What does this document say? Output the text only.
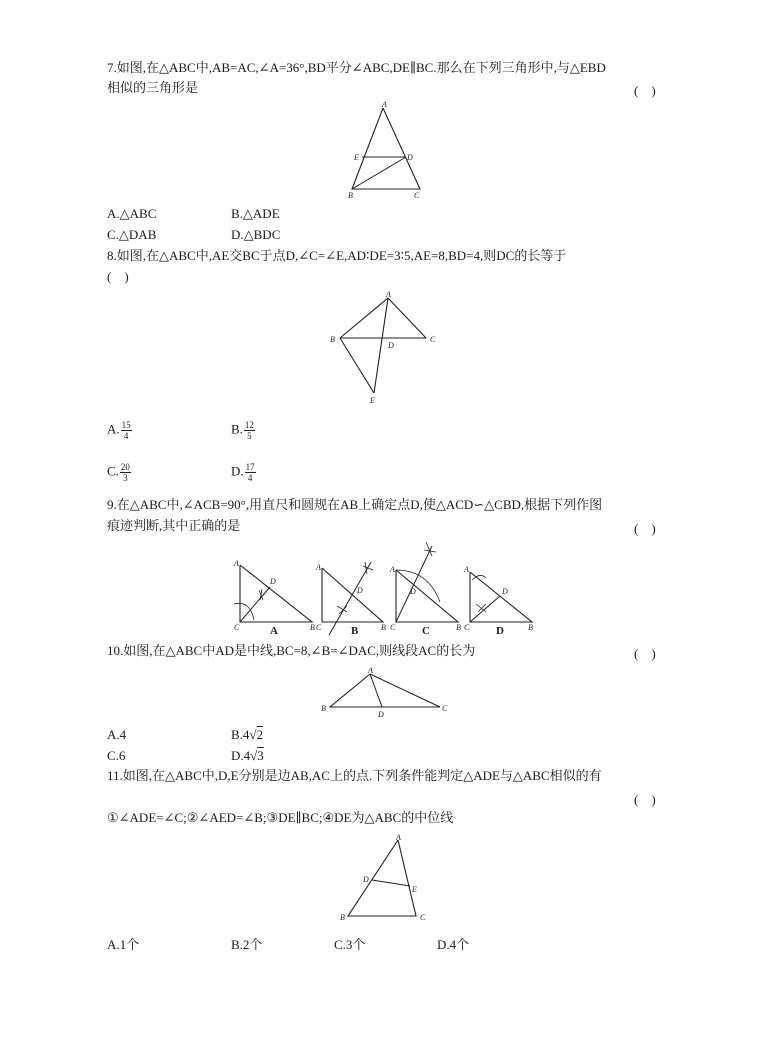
7.如图,在△ABC中,AB=AC,∠A=36°,BD平分∠ABC,DE∥BC.那么在下列三角形中,与△EBD
相似的三角形是	(　)
A
E	D
B	C
A.△ABC	B.△ADE
C.△DAB	D.△BDC
8.如图,在△ABC中,AE交BC于点D,∠C=∠E,AD∶DE=3∶5,AE=8,BD=4,则DC的长等于
(　)
A
B	C
D
E
A. $\frac{15}{4}$	B. $\frac{12}{5}$
C. $\frac{20}{3}$	D. $\frac{17}{4}$
9.在△ABC中,∠ACB=90°,用直尺和圆规在AB上确定点D,使△ACD∽△CBD,根据下列作图
痕迹判断,其中正确的是	(　)
A
D
C	B
A
A
D
C	B
B
A
D
C	B
C
A
D
C	B
D
10.如图,在△ABC中AD是中线,BC=8,∠B=∠DAC,则线段AC的长为	(　)
A
B
D
C
A.4	B.4√2
C.6	D.4√3
11.如图,在△ABC中,D,E分别是边AB,AC上的点.下列条件能判定△ADE与△ABC相似的有
(　)
①∠ADE=∠C;②∠AED=∠B;③DE∥BC;④DE为△ABC的中位线
A
D
E
B	C
A.1个	B.2个	C.3个	D.4个
